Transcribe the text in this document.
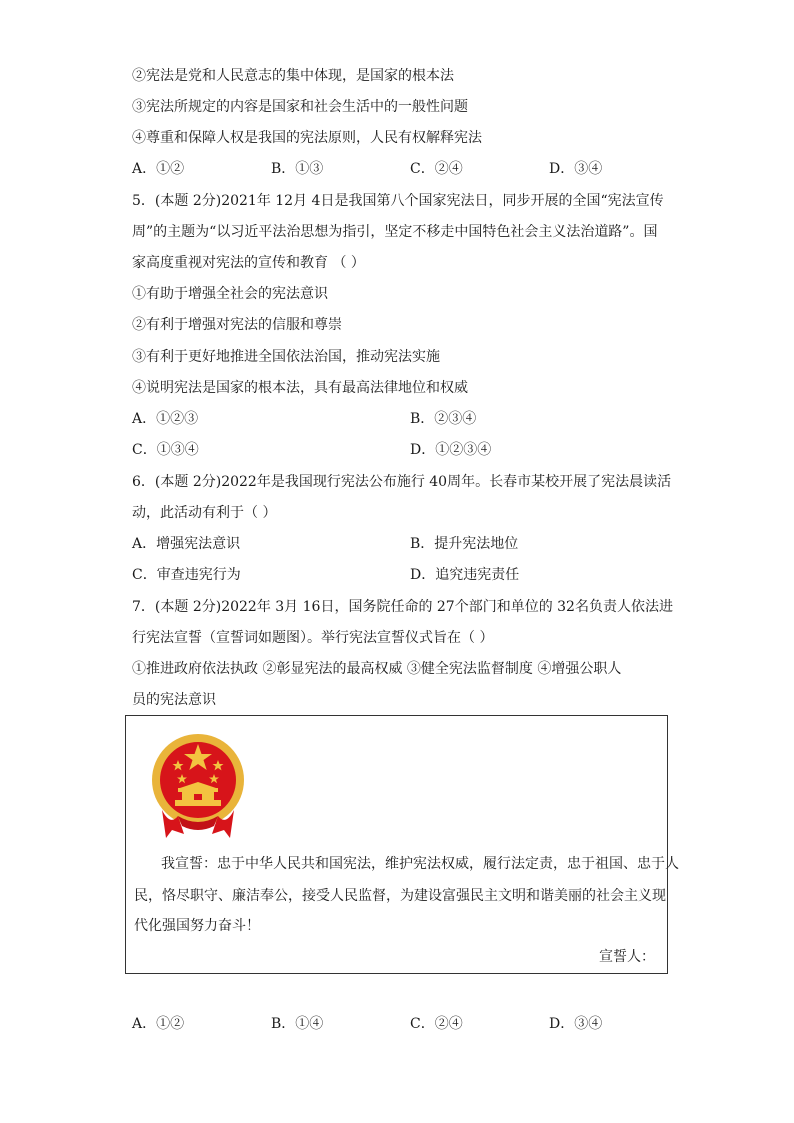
②宪法是党和人民意志的集中体现，是国家的根本法
③宪法所规定的内容是国家和社会生活中的一般性问题
④尊重和保障人权是我国的宪法原则，人民有权解释宪法
A．①②	B．①③	C．②④	D．③④
5．(本题 2分)2021年 12月 4日是我国第八个国家宪法日，同步开展的全国“宪法宣传
周”的主题为“以习近平法治思想为指引，坚定不移走中国特色社会主义法治道路”。国
家高度重视对宪法的宣传和教育 （ ）
①有助于增强全社会的宪法意识
②有利于增强对宪法的信服和尊崇
③有利于更好地推进全国依法治国，推动宪法实施
④说明宪法是国家的根本法，具有最高法律地位和权威
A．①②③	B．②③④
C．①③④	D．①②③④
6．(本题 2分)2022年是我国现行宪法公布施行 40周年。长春市某校开展了宪法晨读活
动，此活动有利于（ ）
A．增强宪法意识	B．提升宪法地位
C．审查违宪行为	D．追究违宪责任
7．(本题 2分)2022年 3月 16日，国务院任命的 27个部门和单位的 32名负责人依法进
行宪法宣誓（宣誓词如题图）。举行宪法宣誓仪式旨在（ ）
①推进政府依法执政 ②彰显宪法的最高权威 ③健全宪法监督制度 ④增强公职人
员的宪法意识
我宣誓：忠于中华人民共和国宪法，维护宪法权威，履行法定责，忠于祖国、忠于人
民，恪尽职守、廉洁奉公，接受人民监督，为建设富强民主文明和谐美丽的社会主义现
代化强国努力奋斗！
宣誓人：
A．①②	B．①④	C．②④	D．③④
